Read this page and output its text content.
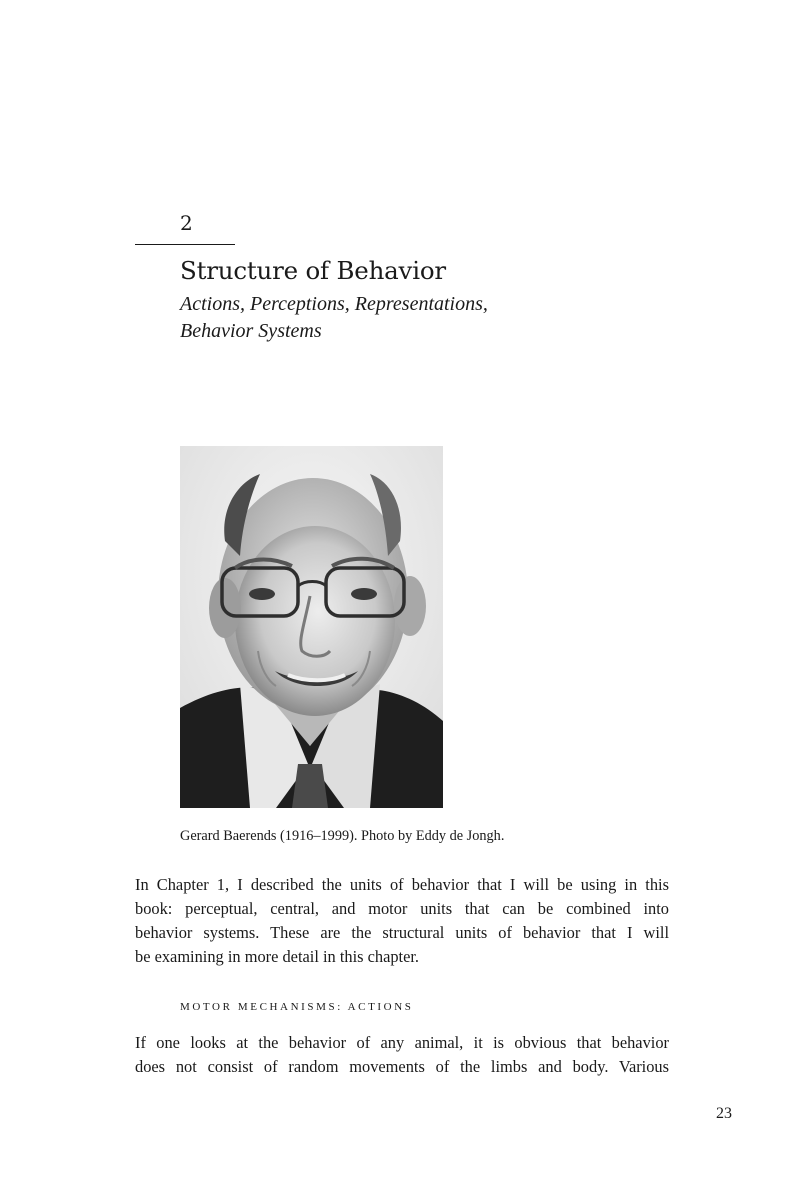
2
Structure of Behavior
Actions, Perceptions, Representations,
Behavior Systems
Gerard Baerends (1916–1999). Photo by Eddy de Jongh.
In Chapter 1, I described the units of behavior that I will be using in this
book: perceptual, central, and motor units that can be combined into
behavior systems. These are the structural units of behavior that I will
be examining in more detail in this chapter.
MOTOR MECHANISMS: ACTIONS
If one looks at the behavior of any animal, it is obvious that behavior
does not consist of random movements of the limbs and body. Various
23
